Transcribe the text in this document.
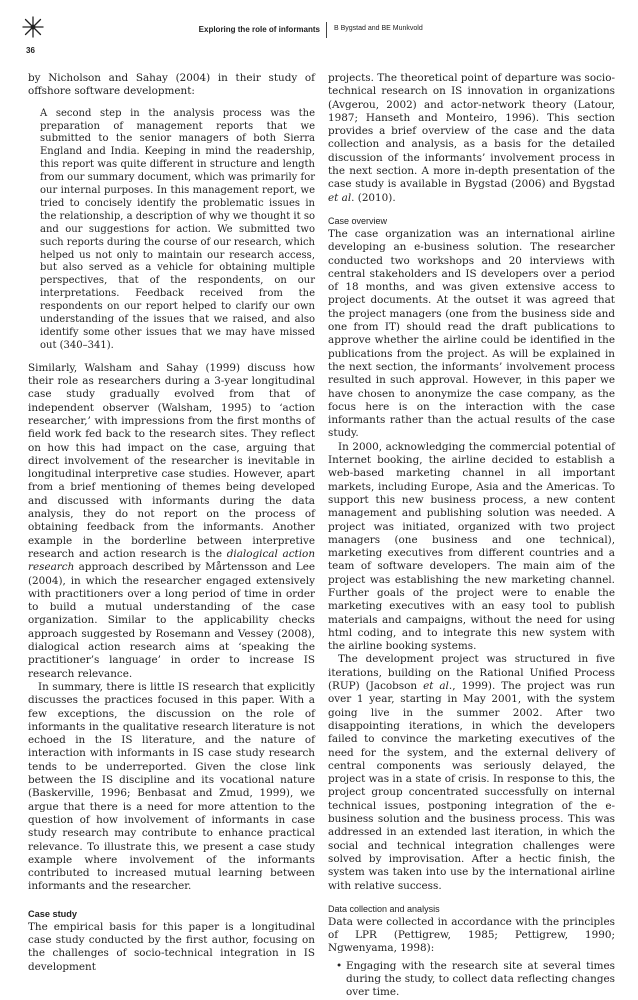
36
Exploring the role of informants B Bygstad and BE Munkvold

by Nicholson and Sahay (2004) in their study of offshore software development:

A second step in the analysis process was the preparation of management reports that we submitted to the senior managers of both Sierra England and India. Keeping in mind the readership, this report was quite different in structure and length from our summary document, which was primarily for our internal purposes. In this management report, we tried to concisely identify the problematic issues in the relationship, a description of why we thought it so and our suggestions for action. We submitted two such reports during the course of our research, which helped us not only to maintain our research access, but also served as a vehicle for obtaining multiple perspectives, that of the respondents, on our interpretations. Feedback received from the respondents on our report helped to clarify our own understanding of the issues that we raised, and also identify some other issues that we may have missed out (340–341).

Similarly, Walsham and Sahay (1999) discuss how their role as researchers during a 3-year longitudinal case study gradually evolved from that of independent observer (Walsham, 1995) to ‘action researcher,’ with impressions from the first months of field work fed back to the research sites. They reflect on how this had impact on the case, arguing that direct involvement of the researcher is inevitable in longitudinal interpretive case studies. However, apart from a brief mentioning of themes being developed and discussed with informants during the data analysis, they do not report on the process of obtaining feedback from the informants. Another example in the borderline between interpretive research and action research is the dialogical action research approach described by Mårtensson and Lee (2004), in which the researcher engaged extensively with practitioners over a long period of time in order to build a mutual understanding of the case organization. Similar to the applicability checks approach suggested by Rosemann and Vessey (2008), dialogical action research aims at ‘speaking the practitioner’s language’ in order to increase IS research relevance.

In summary, there is little IS research that explicitly discusses the practices focused in this paper. With a few exceptions, the discussion on the role of informants in the qualitative research literature is not echoed in the IS literature, and the nature of interaction with informants in IS case study research tends to be underreported. Given the close link between the IS discipline and its vocational nature (Baskerville, 1996; Benbasat and Zmud, 1999), we argue that there is a need for more attention to the question of how involvement of informants in case study research may contribute to enhance practical relevance. To illustrate this, we present a case study example where involvement of the informants contributed to increased mutual learning between informants and the researcher.

Case study

The empirical basis for this paper is a longitudinal case study conducted by the first author, focusing on the challenges of socio-technical integration in IS development

projects. The theoretical point of departure was socio-technical research on IS innovation in organizations (Avgerou, 2002) and actor-network theory (Latour, 1987; Hanseth and Monteiro, 1996). This section provides a brief overview of the case and the data collection and analysis, as a basis for the detailed discussion of the informants’ involvement process in the next section. A more in-depth presentation of the case study is available in Bygstad (2006) and Bygstad et al. (2010).

Case overview

The case organization was an international airline developing an e-business solution. The researcher conducted two workshops and 20 interviews with central stakeholders and IS developers over a period of 18 months, and was given extensive access to project documents. At the outset it was agreed that the project managers (one from the business side and one from IT) should read the draft publications to approve whether the airline could be identified in the publications from the project. As will be explained in the next section, the informants’ involvement process resulted in such approval. However, in this paper we have chosen to anonymize the case company, as the focus here is on the interaction with the case informants rather than the actual results of the case study.

In 2000, acknowledging the commercial potential of Internet booking, the airline decided to establish a web-based marketing channel in all important markets, including Europe, Asia and the Americas. To support this new business process, a new content management and publishing solution was needed. A project was initiated, organized with two project managers (one business and one technical), marketing executives from different countries and a team of software developers. The main aim of the project was establishing the new marketing channel. Further goals of the project were to enable the marketing executives with an easy tool to publish materials and campaigns, without the need for using html coding, and to integrate this new system with the airline booking systems.

The development project was structured in five iterations, building on the Rational Unified Process (RUP) (Jacobson et al., 1999). The project was run over 1 year, starting in May 2001, with the system going live in the summer 2002. After two disappointing iterations, in which the developers failed to convince the marketing executives of the need for the system, and the external delivery of central components was seriously delayed, the project was in a state of crisis. In response to this, the project group concentrated successfully on internal technical issues, postponing integration of the e-business solution and the business process. This was addressed in an extended last iteration, in which the social and technical integration challenges were solved by improvisation. After a hectic finish, the system was taken into use by the international airline with relative success.

Data collection and analysis

Data were collected in accordance with the principles of LPR (Pettigrew, 1985; Pettigrew, 1990; Ngwenyama, 1998):

• Engaging with the research site at several times during the study, to collect data reflecting changes over time.
